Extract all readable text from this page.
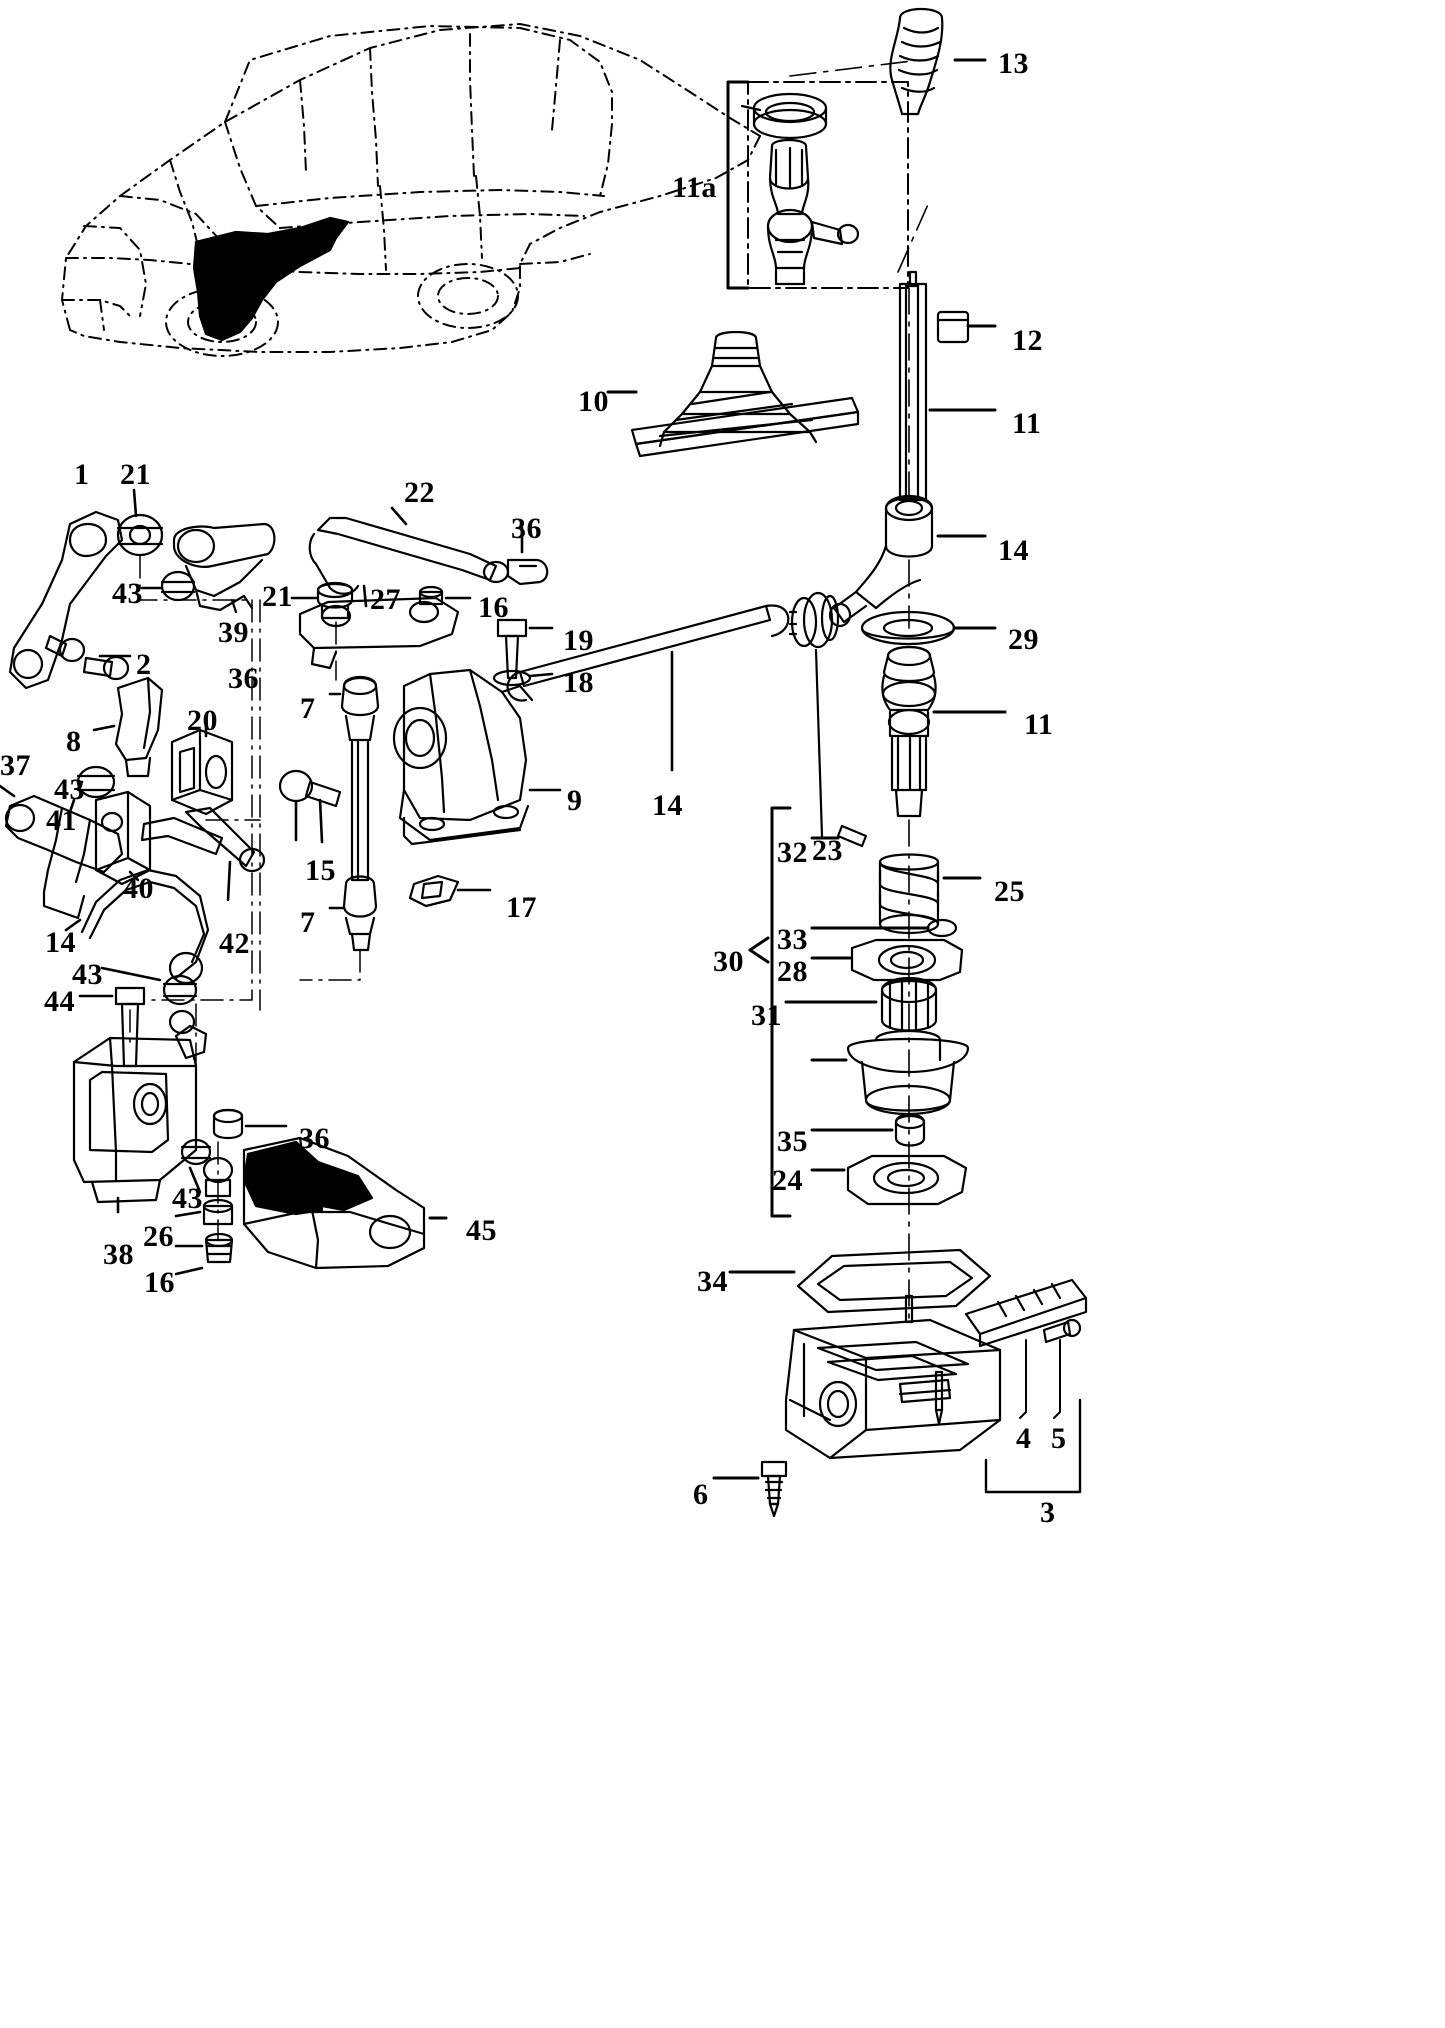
1 21
22
36
43	21	27	16
39	19
2	36	18
7
8
20
37
43
41
9
15
40
42
14
7	17
43
44
36
43
26
38
16
45
10
14
13
11a
12
11
14
29
23
11
32
25
33
28
30
31
35
24
34
6
4 5
3
